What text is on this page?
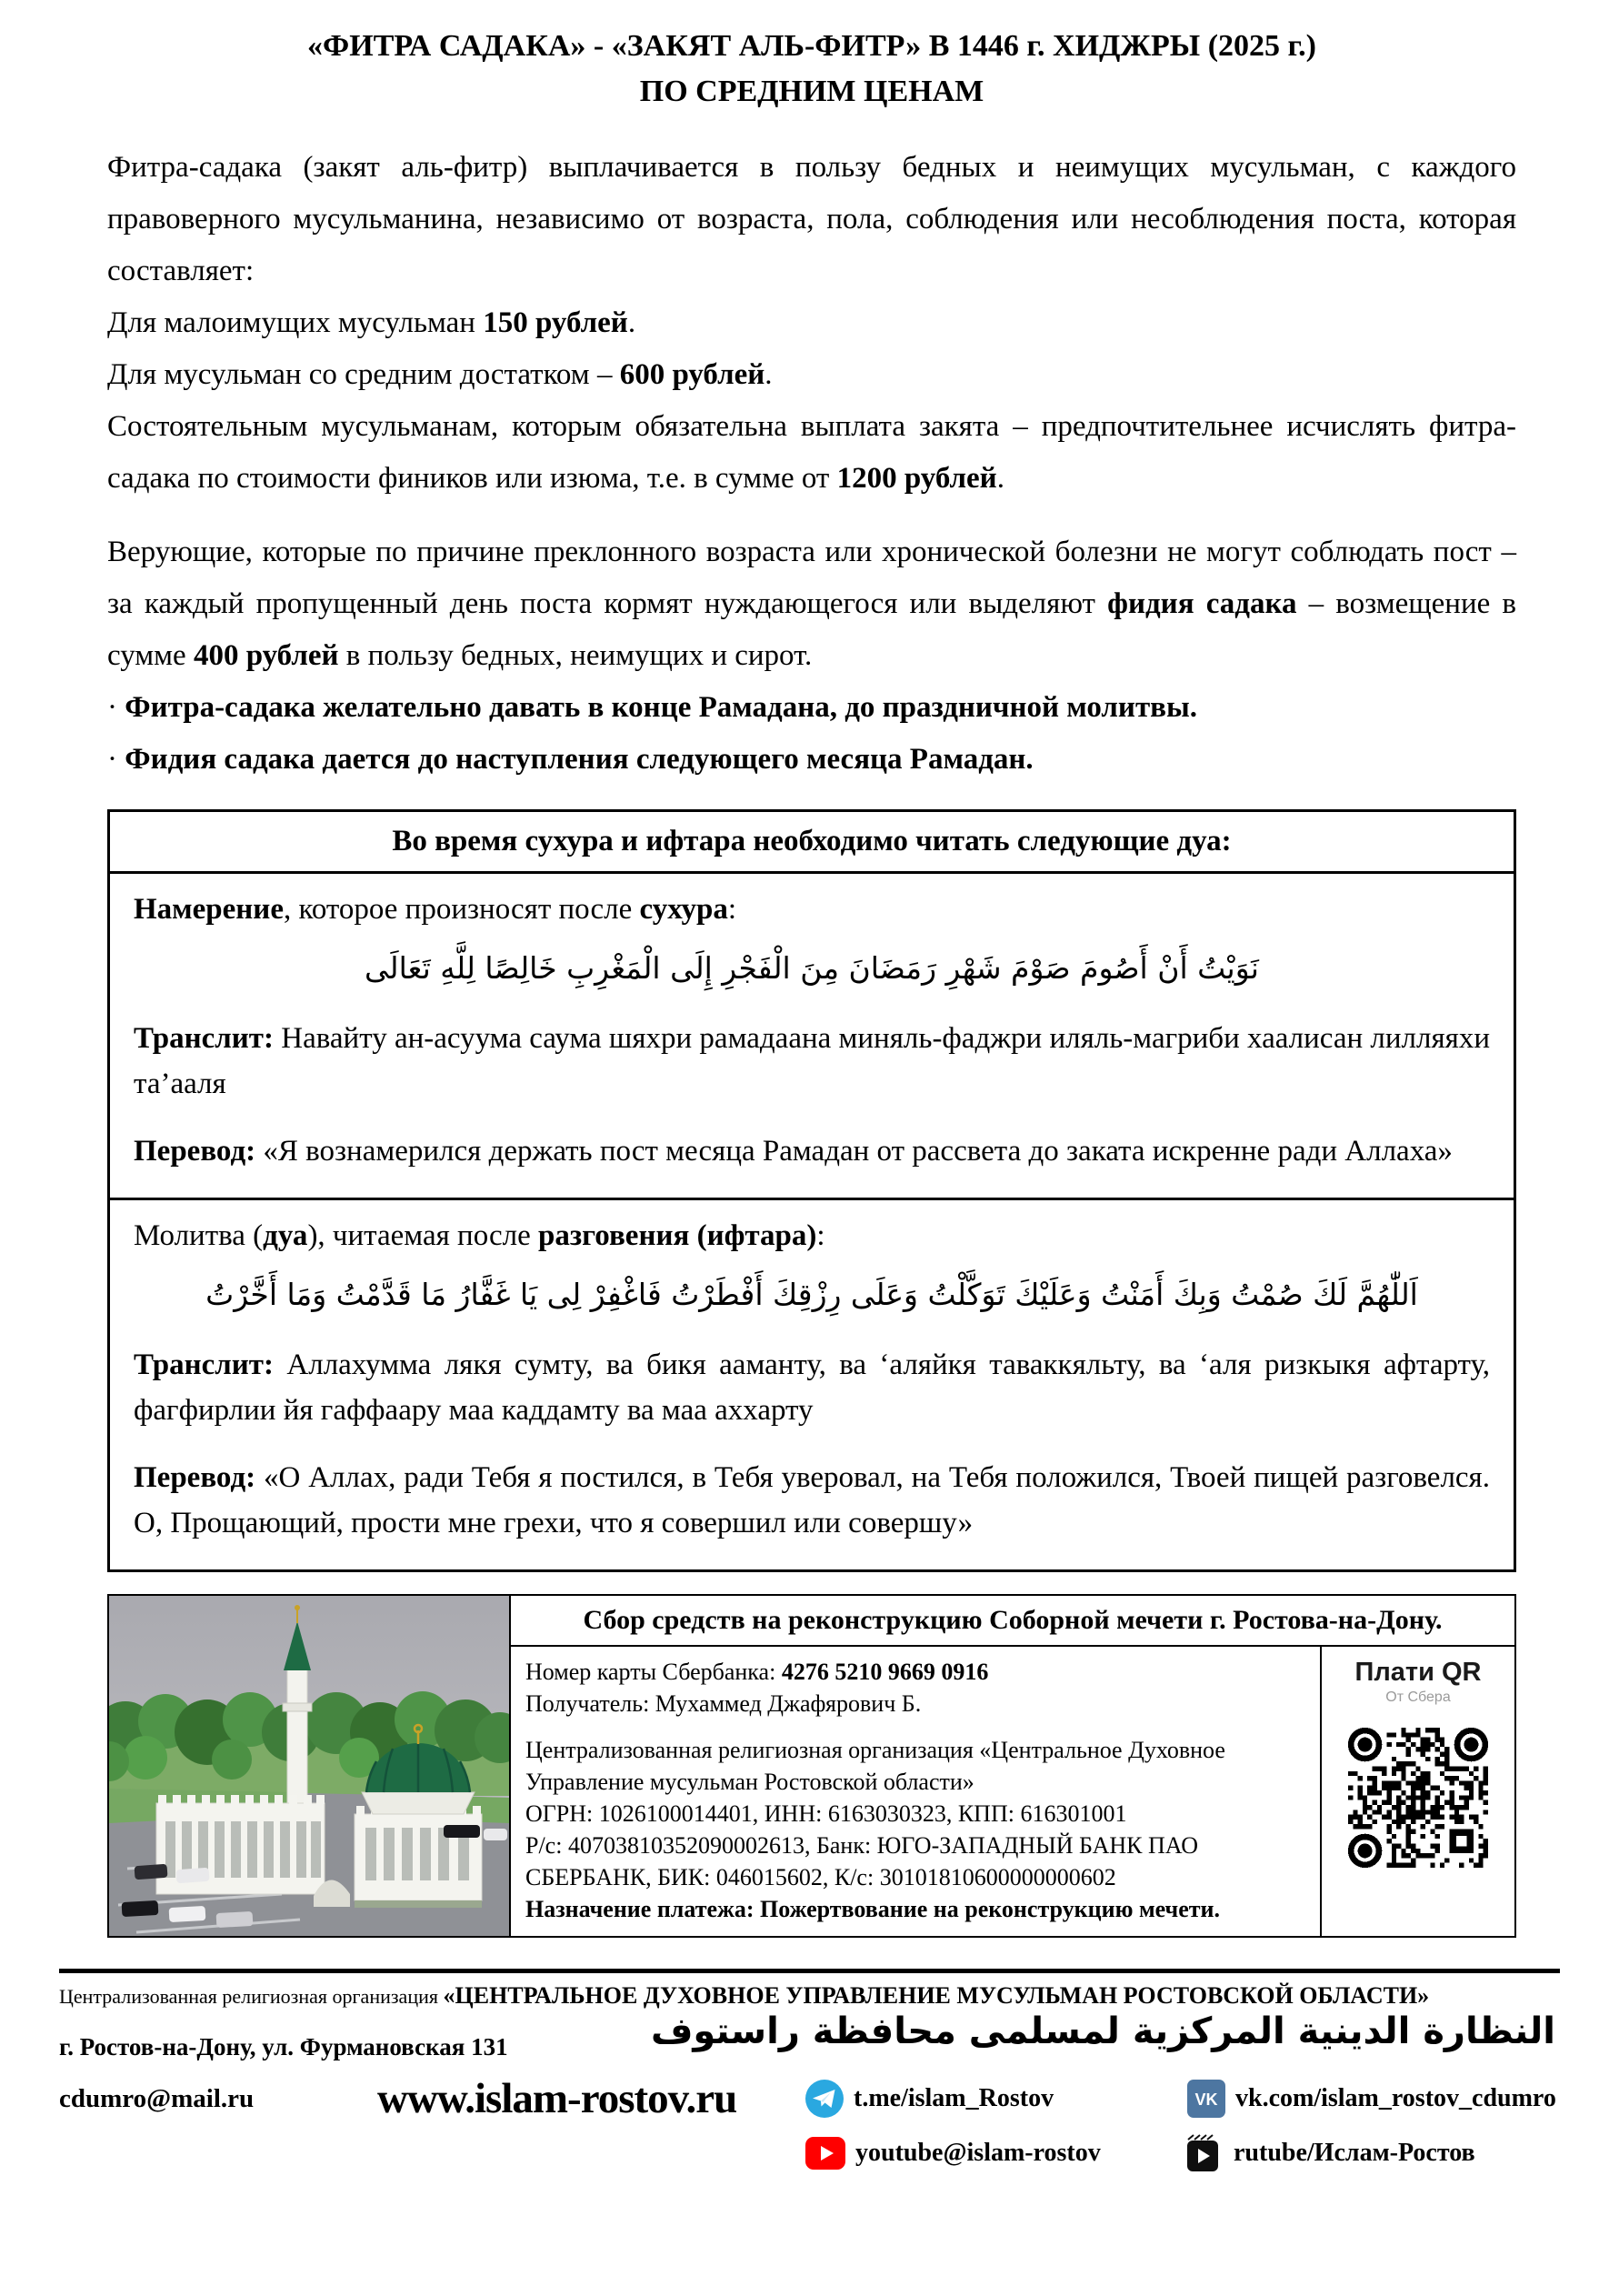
«ФИТРА САДАКА» - «ЗАКЯТ АЛЬ-ФИТР» В 1446 г. ХИДЖРЫ (2025 г.)
ПО СРЕДНИМ ЦЕНАМ
Фитра-садака (закят аль-фитр) выплачивается в пользу бедных и неимущих мусульман, с каждого правоверного мусульманина, независимо от возраста, пола, соблюдения или несоблюдения поста, которая составляет:
Для малоимущих мусульман 150 рублей.
Для мусульман со средним достатком – 600 рублей.
Состоятельным мусульманам, которым обязательна выплата закята – предпочтительнее исчислять фитра-садака по стоимости фиников или изюма, т.е. в сумме от 1200 рублей.
Верующие, которые по причине преклонного возраста или хронической болезни не могут соблюдать пост – за каждый пропущенный день поста кормят нуждающегося или выделяют фидия садака – возмещение в сумме 400 рублей в пользу бедных, неимущих и сирот.
· Фитра-садака желательно давать в конце Рамадана, до праздничной молитвы.
· Фидия садака дается до наступления следующего месяца Рамадан.
Во время сухура и ифтара необходимо читать следующие дуа:
Намерение, которое произносят после сухура:
نَوَيْتُ أَنْ أَصُومَ صَوْمَ شَهْرِ رَمَضَانَ مِنَ الْفَجْرِ إِلَى الْمَغْرِبِ خَالِصًا لِلَّهِ تَعَالَى
Транслит: Навайту ан-асуума саума шяхри рамадаана миняль-фаджри иляль-магриби хаалисан лилляяхи та’ааля
Перевод: «Я вознамерился держать пост месяца Рамадан от рассвета до заката искренне ради Аллаха»
Молитва (дуа), читаемая после разговения (ифтара):
اَللّٰهُمَّ لَكَ صُمْتُ وَبِكَ أَمَنْتُ وَعَلَيْكَ تَوَكَّلْتُ وَعَلَى رِزْقِكَ أَفْطَرْتُ فَاغْفِرْ لِى يَا غَفَّارُ مَا قَدَّمْتُ وَمَا أَخَّرْتُ
Транслит: Аллахумма лякя сумту, ва бикя ааманту, ва ‘аляйкя таваккяльту, ва ‘аля ризкыкя афтарту, фагфирлии йя гаффаару маа каддамту ва маа аххарту
Перевод: «О Аллах, ради Тебя я постился, в Тебя уверовал, на Тебя положился, Твоей пищей разговелся. О, Прощающий, прости мне грехи, что я совершил или совершу»
Сбор средств на реконструкцию Соборной мечети г. Ростова-на-Дону.
Номер карты Сбербанка: 4276 5210 9669 0916
Получатель: Мухаммед Джафярович Б.
Централизованная религиозная организация «Центральное Духовное Управление мусульман Ростовской области»
ОГРН: 1026100014401, ИНН: 6163030323, КПП: 616301001
Р/с: 40703810352090002613, Банк: ЮГО-ЗАПАДНЫЙ БАНК ПАО СБЕРБАНК, БИК: 046015602, К/с: 30101810600000000602
Назначение платежа: Пожертвование на реконструкцию мечети.
Плати QR
От Сбера
Централизованная религиозная организация «ЦЕНТРАЛЬНОЕ ДУХОВНОЕ УПРАВЛЕНИЕ МУСУЛЬМАН РОСТОВСКОЙ ОБЛАСТИ»
النظارة الدينية المركزية لمسلمى محافظة راستوف
г. Ростов-на-Дону, ул. Фурмановская 131
cdumro@mail.ru	www.islam-rostov.ru	t.me/islam_Rostov	VK vk.com/islam_rostov_cdumro
youtube@islam-rostov	rutube/Ислам-Ростов
